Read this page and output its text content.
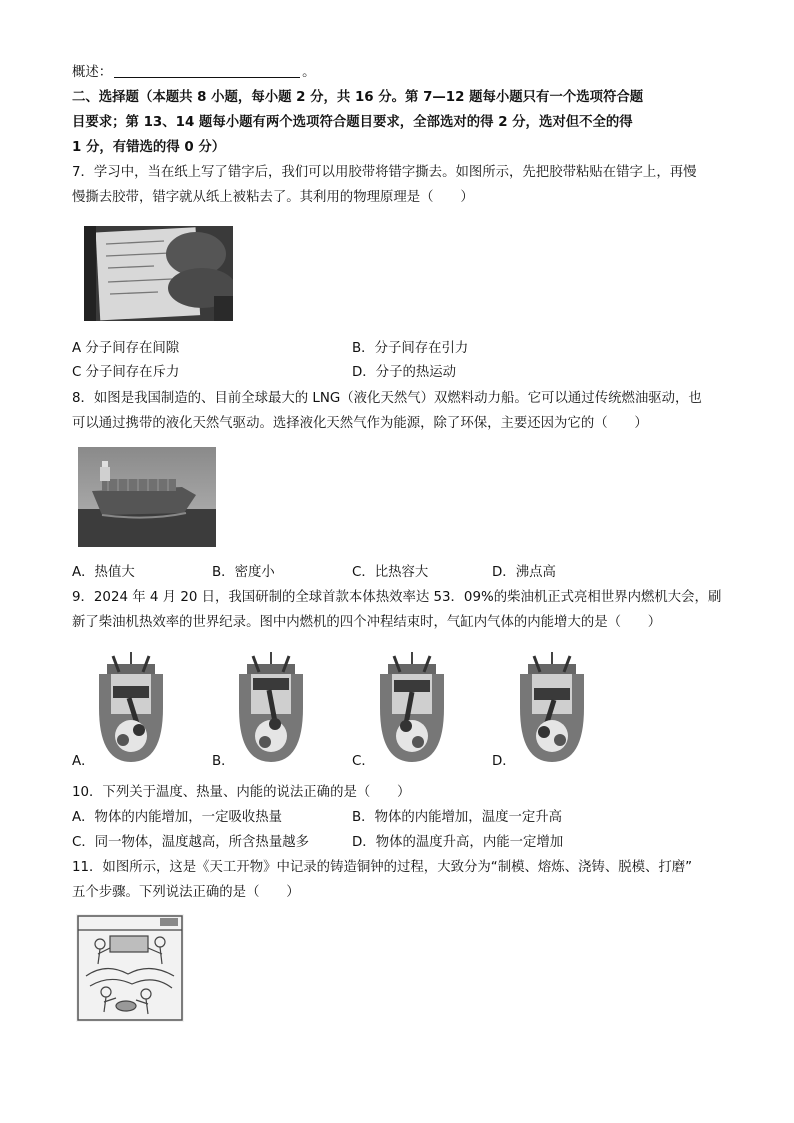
概述：	。
二、选择题（本题共 8 小题，每小题 2 分，共 16 分。第 7—12 题每小题只有一个选项符合题
目要求；第 13、14 题每小题有两个选项符合题目要求，全部选对的得 2 分，选对但不全的得
1 分，有错选的得 0 分）
7．学习中，当在纸上写了错字后，我们可以用胶带将错字撕去。如图所示，先把胶带粘贴在错字上，再慢
慢撕去胶带，错字就从纸上被粘去了。其利用的物理原理是（　　）
A 分子间存在间隙	B．分子间存在引力
C 分子间存在斥力	D．分子的热运动
8．如图是我国制造的、目前全球最大的 LNG（液化天然气）双燃料动力船。它可以通过传统燃油驱动，也
可以通过携带的液化天然气驱动。选择液化天然气作为能源，除了环保，主要还因为它的（　　）
A．热值大	B．密度小	C．比热容大	D．沸点高
9．2024 年 4 月 20 日，我国研制的全球首款本体热效率达 53．09%的柴油机正式亮相世界内燃机大会，刷
新了柴油机热效率的世界纪录。图中内燃机的四个冲程结束时，气缸内气体的内能增大的是（　　）
A．	B．	C．	D．
10．下列关于温度、热量、内能的说法正确的是（　　）
A．物体的内能增加，一定吸收热量	B．物体的内能增加，温度一定升高
C．同一物体，温度越高，所含热量越多	D．物体的温度升高，内能一定增加
11．如图所示，这是《天工开物》中记录的铸造铜钟的过程，大致分为“制模、熔炼、浇铸、脱模、打磨”
五个步骤。下列说法正确的是（　　）
